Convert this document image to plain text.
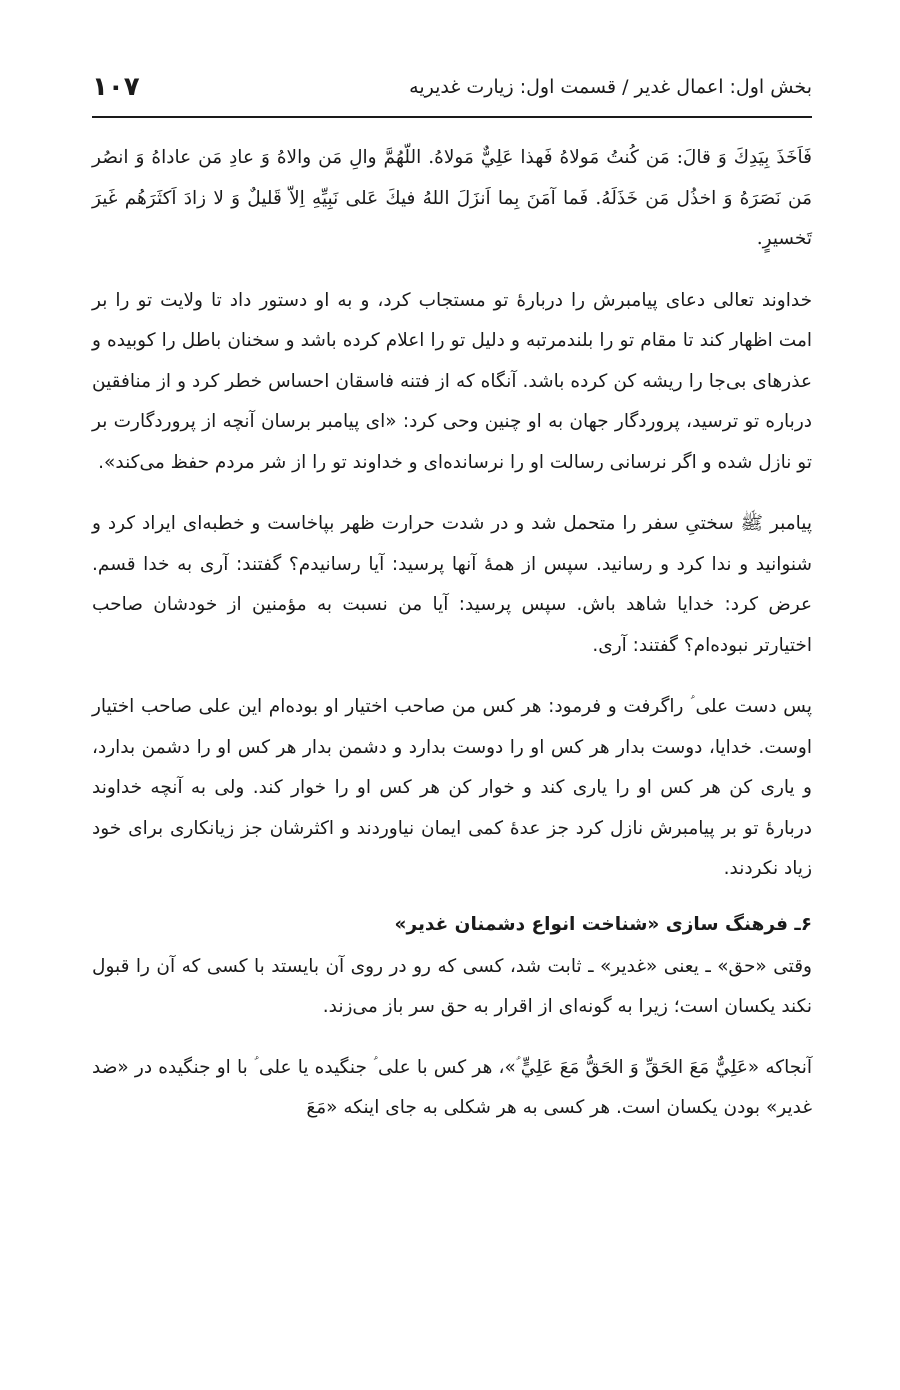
بخش اول: اعمال غدیر / قسمت اول: زیارت غدیریه
۱۰۷

فَاَخَذَ بِيَدِكَ وَ قالَ: مَن كُنتُ مَولاهُ فَهذا عَلِيٌّ مَولاهُ. اللّهُمَّ والِ مَن والاهُ وَ عادِ مَن عاداهُ وَ انصُر مَن نَصَرَهُ وَ اخذُل مَن خَذَلَهُ. فَما آمَنَ بِما اَنزَلَ اللهُ فيكَ عَلى نَبِيِّهِ اِلاّ قَليلٌ وَ لا زادَ اَكثَرَهُم غَيرَ تَخسيرٍ.

خداوند تعالی دعای پیامبرش را دربارهٔ تو مستجاب کرد، و به او دستور داد تا ولایت تو را بر امت اظهار کند تا مقام تو را بلندمرتبه و دلیل تو را اعلام کرده باشد و سخنان باطل را کوبیده و عذرهای بی‌جا را ریشه کن کرده باشد. آنگاه که از فتنه فاسقان احساس خطر کرد و از منافقین درباره تو ترسید، پروردگار جهان به او چنین وحی کرد: «ای پیامبر برسان آنچه از پروردگارت بر تو نازل شده و اگر نرسانی رسالت او را نرسانده‌ای و خداوند تو را از شر مردم حفظ می‌کند».

پیامبر ﷺ سختیِ سفر را متحمل شد و در شدت حرارت ظهر بپاخاست و خطبه‌ای ایراد کرد و شنوانید و ندا کرد و رسانید. سپس از همهٔ آنها پرسید: آیا رسانیدم؟ گفتند: آری به خدا قسم. عرض کرد: خدایا شاهد باش. سپس پرسید: آیا من نسبت به مؤمنین از خودشان صاحب اختیارتر نبوده‌ام؟ گفتند: آری.

پس دست علی ؑ راگرفت و فرمود: هر کس من صاحب اختیار او بوده‌ام این علی صاحب اختیار اوست. خدایا، دوست بدار هر کس او را دوست بدارد و دشمن بدار هر کس او را دشمن بدارد، و یاری کن هر کس او را یاری کند و خوار کن هر کس او را خوار کند. ولی به آنچه خداوند دربارهٔ تو بر پیامبرش نازل کرد جز عدهٔ کمی ایمان نیاوردند و اکثرشان جز زیانکاری برای خود زیاد نکردند.

۶ـ فرهنگ سازی «شناخت انواع دشمنان غدیر»

وقتی «حق» ـ یعنی «غدیر» ـ ثابت شد، کسی که رو در روی آن بایستد با کسی که آن را قبول نکند یکسان است؛ زیرا به گونه‌ای از اقرار به حق سر باز می‌زند.

آنجاکه «عَلِيٌّ مَعَ الحَقِّ وَ الحَقُّ مَعَ عَلِيٍّ ؑ»، هر کس با علی ؑ جنگیده یا علی ؑ با او جنگیده در «ضد غدیر» بودن یکسان است. هر کسی به هر شکلی به جای اینکه «مَعَ
